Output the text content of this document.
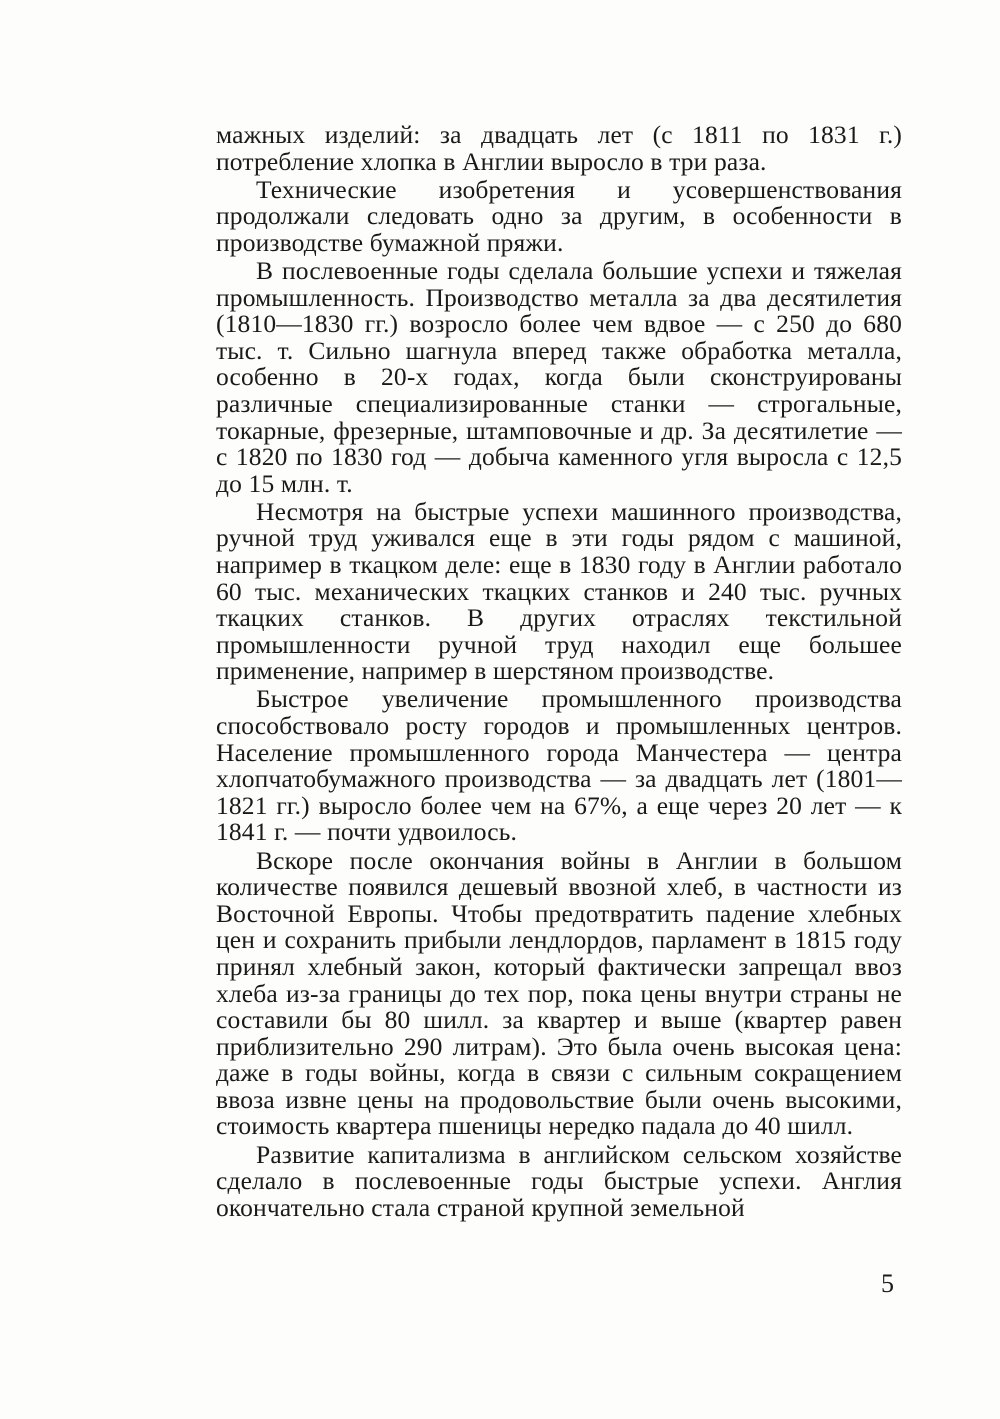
мажных изделий: за двадцать лет (с 1811 по 1831 г.) потребление хлопка в Англии выросло в три раза.

Технические изобретения и усовершенствования продолжали следовать одно за другим, в особенности в производстве бумажной пряжи.

В послевоенные годы сделала большие успехи и тяжелая промышленность. Производство металла за два десятилетия (1810—1830 гг.) возросло более чем вдвое — с 250 до 680 тыс. т. Сильно шагнула вперед также обработка металла, особенно в 20-х годах, когда были сконструированы различные специализированные станки — строгальные, токарные, фрезерные, штамповочные и др. За десятилетие — с 1820 по 1830 год — добыча каменного угля выросла с 12,5 до 15 млн. т.

Несмотря на быстрые успехи машинного производства, ручной труд уживался еще в эти годы рядом с машиной, например в ткацком деле: еще в 1830 году в Англии работало 60 тыс. механических ткацких станков и 240 тыс. ручных ткацких станков. В других отраслях текстильной промышленности ручной труд находил еще большее применение, например в шерстяном производстве.

Быстрое увеличение промышленного производства способствовало росту городов и промышленных центров. Население промышленного города Манчестера — центра хлопчатобумажного производства — за двадцать лет (1801—1821 гг.) выросло более чем на 67%, а еще через 20 лет — к 1841 г. — почти удвоилось.

Вскоре после окончания войны в Англии в большом количестве появился дешевый ввозной хлеб, в частности из Восточной Европы. Чтобы предотвратить падение хлебных цен и сохранить прибыли лендлордов, парламент в 1815 году принял хлебный закон, который фактически запрещал ввоз хлеба из-за границы до тех пор, пока цены внутри страны не составили бы 80 шилл. за квартер и выше (квартер равен приблизительно 290 литрам). Это была очень высокая цена: даже в годы войны, когда в связи с сильным сокращением ввоза извне цены на продовольствие были очень высокими, стоимость квартера пшеницы нередко падала до 40 шилл.

Развитие капитализма в английском сельском хозяйстве сделало в послевоенные годы быстрые успехи. Англия окончательно стала страной крупной земельной

5
